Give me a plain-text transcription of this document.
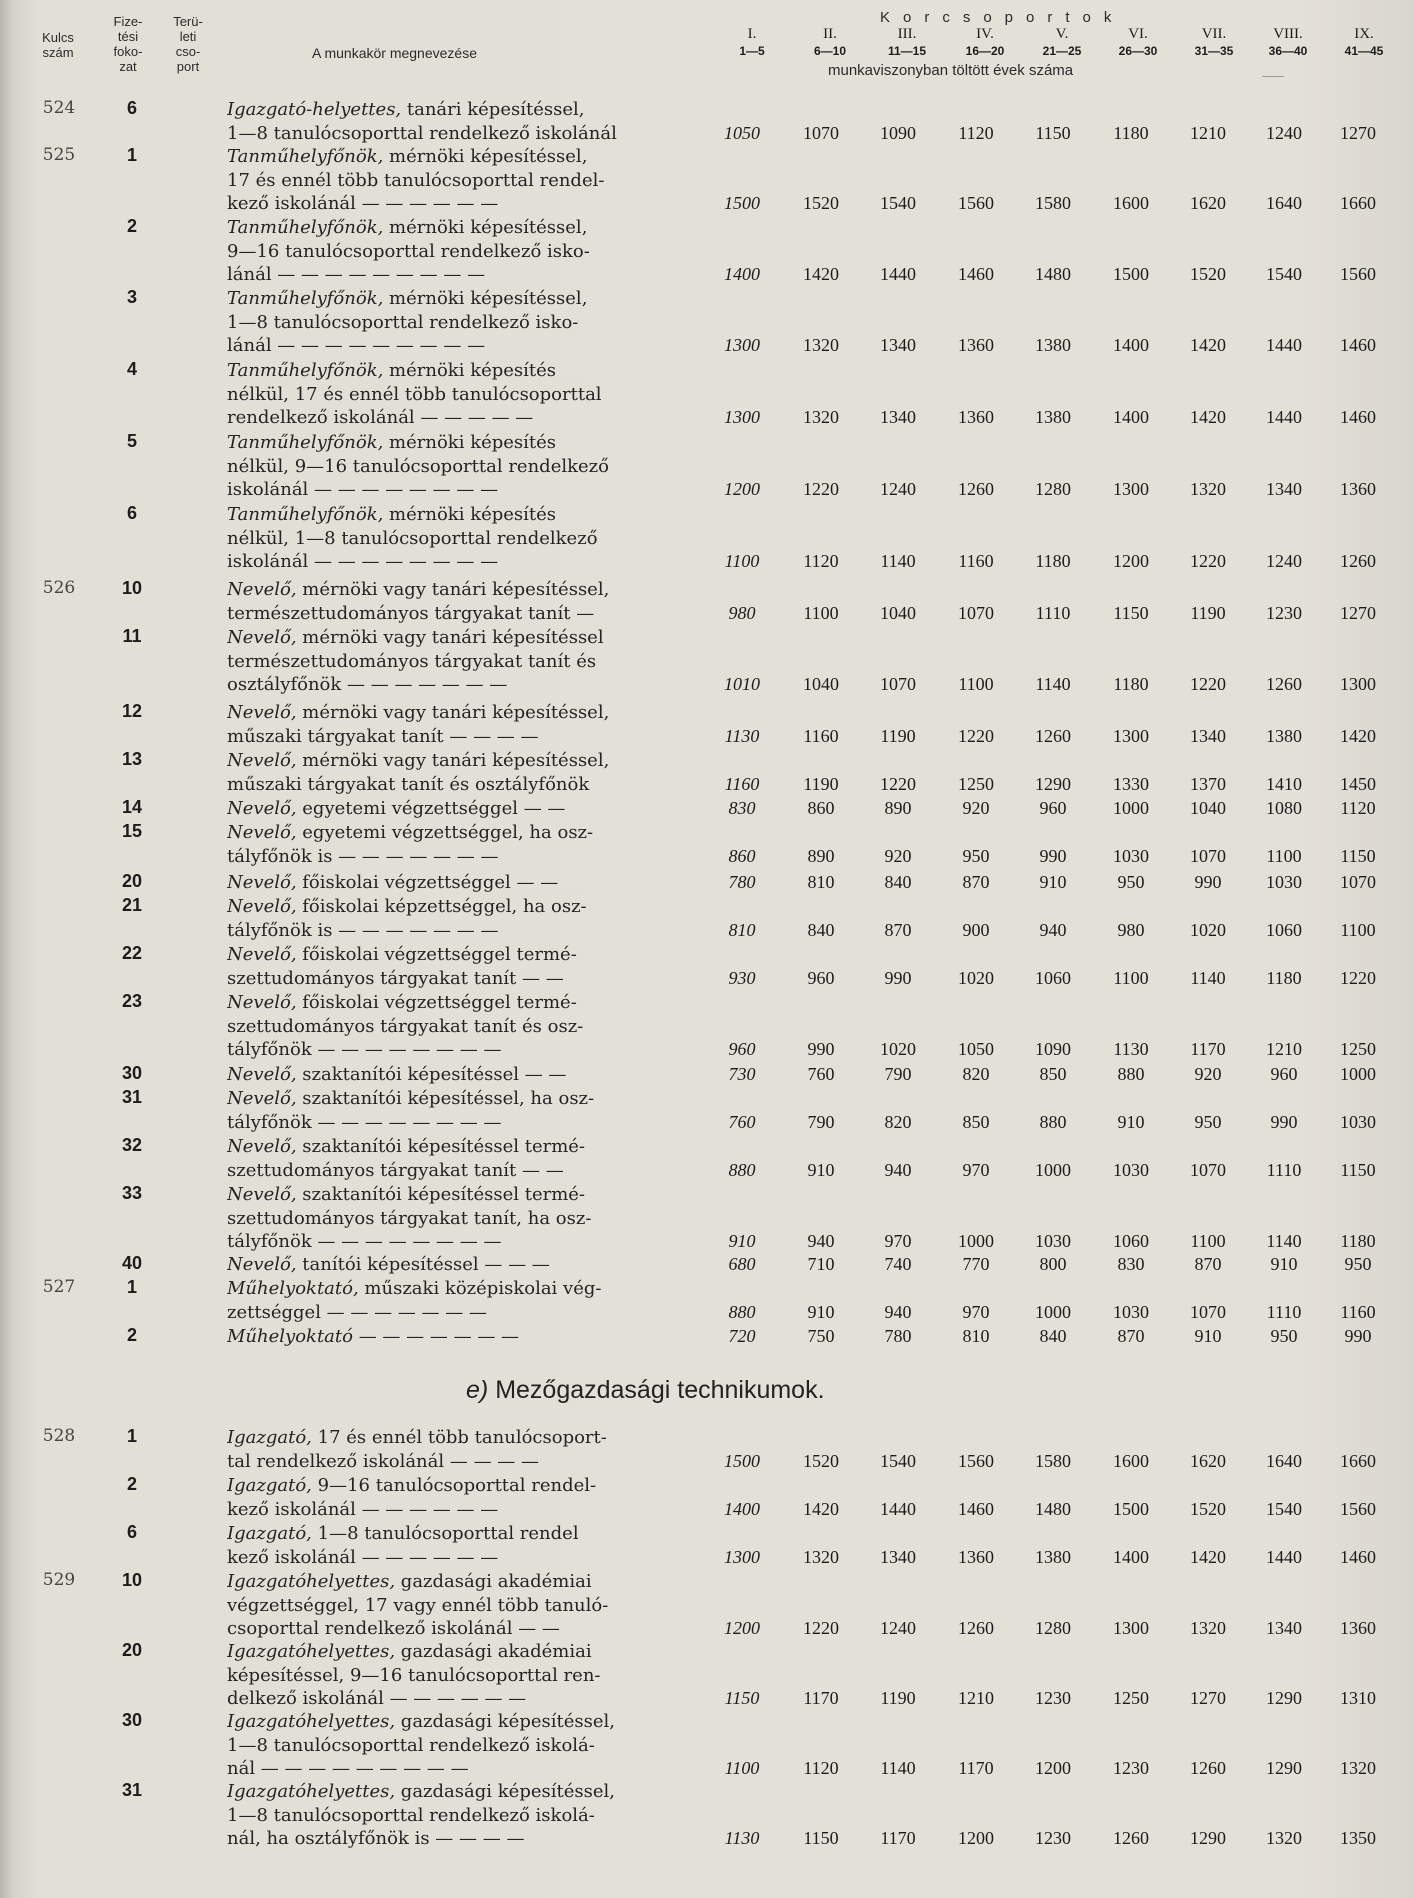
Kulcs
szám
Fize-
tési
foko-
zat
Terü-
leti
cso-
port
A munkakör megnevezése
Korcsoportok
munkaviszonyban töltött évek száma
I.
1—5
II.
6—10
III.
11—15
IV.
16—20
V.
21—25
VI.
26—30
VII.
31—35
VIII.
36—40
IX.
41—45
524	6	Igazgató-helyettes, tanári képesítéssel,
1—8 tanulócsoporttal rendelkező iskolánál	1050	1070	1090	1120	1150	1180	1210	1240	1270
525	1	Tanműhelyfőnök, mérnöki képesítéssel,
17 és ennél több tanulócsoporttal rendel-
kező iskolánál — — — — — —	1500	1520	1540	1560	1580	1600	1620	1640	1660
2	Tanműhelyfőnök, mérnöki képesítéssel,
9—16 tanulócsoporttal rendelkező isko-
lánál — — — — — — — — —	1400	1420	1440	1460	1480	1500	1520	1540	1560
3	Tanműhelyfőnök, mérnöki képesítéssel,
1—8 tanulócsoporttal rendelkező isko-
lánál — — — — — — — — —	1300	1320	1340	1360	1380	1400	1420	1440	1460
4	Tanműhelyfőnök, mérnöki képesítés
nélkül, 17 és ennél több tanulócsoporttal
rendelkező iskolánál — — — — —	1300	1320	1340	1360	1380	1400	1420	1440	1460
5	Tanműhelyfőnök, mérnöki képesítés
nélkül, 9—16 tanulócsoporttal rendelkező
iskolánál — — — — — — — —	1200	1220	1240	1260	1280	1300	1320	1340	1360
6	Tanműhelyfőnök, mérnöki képesítés
nélkül, 1—8 tanulócsoporttal rendelkező
iskolánál — — — — — — — —	1100	1120	1140	1160	1180	1200	1220	1240	1260
526	10	Nevelő, mérnöki vagy tanári képesítéssel,
természettudományos tárgyakat tanít —	980	1100	1040	1070	1110	1150	1190	1230	1270
11	Nevelő, mérnöki vagy tanári képesítéssel
természettudományos tárgyakat tanít és
osztályfőnök — — — — — — —	1010	1040	1070	1100	1140	1180	1220	1260	1300
12	Nevelő, mérnöki vagy tanári képesítéssel,
műszaki tárgyakat tanít — — — —	1130	1160	1190	1220	1260	1300	1340	1380	1420
13	Nevelő, mérnöki vagy tanári képesítéssel,
műszaki tárgyakat tanít és osztályfőnök	1160	1190	1220	1250	1290	1330	1370	1410	1450
14	Nevelő, egyetemi végzettséggel — —	830	860	890	920	960	1000	1040	1080	1120
15	Nevelő, egyetemi végzettséggel, ha osz-
tályfőnök is — — — — — — —	860	890	920	950	990	1030	1070	1100	1150
20	Nevelő, főiskolai végzettséggel — —	780	810	840	870	910	950	990	1030	1070
21	Nevelő, főiskolai képzettséggel, ha osz-
tályfőnök is — — — — — — —	810	840	870	900	940	980	1020	1060	1100
22	Nevelő, főiskolai végzettséggel termé-
szettudományos tárgyakat tanít — —	930	960	990	1020	1060	1100	1140	1180	1220
23	Nevelő, főiskolai végzettséggel termé-
szettudományos tárgyakat tanít és osz-
tályfőnök — — — — — — — —	960	990	1020	1050	1090	1130	1170	1210	1250
30	Nevelő, szaktanítói képesítéssel — —	730	760	790	820	850	880	920	960	1000
31	Nevelő, szaktanítói képesítéssel, ha osz-
tályfőnök — — — — — — — —	760	790	820	850	880	910	950	990	1030
32	Nevelő, szaktanítói képesítéssel termé-
szettudományos tárgyakat tanít — —	880	910	940	970	1000	1030	1070	1110	1150
33	Nevelő, szaktanítói képesítéssel termé-
szettudományos tárgyakat tanít, ha osz-
tályfőnök — — — — — — — —	910	940	970	1000	1030	1060	1100	1140	1180
40	Nevelő, tanítói képesítéssel — — —	680	710	740	770	800	830	870	910	950
527	1	Műhelyoktató, műszaki középiskolai vég-
zettséggel — — — — — — —	880	910	940	970	1000	1030	1070	1110	1160
2	Műhelyoktató — — — — — — —	720	750	780	810	840	870	910	950	990
e) Mezőgazdasági technikumok.
528	1	Igazgató, 17 és ennél több tanulócsoport-
tal rendelkező iskolánál — — — —	1500	1520	1540	1560	1580	1600	1620	1640	1660
2	Igazgató, 9—16 tanulócsoporttal rendel-
kező iskolánál — — — — — —	1400	1420	1440	1460	1480	1500	1520	1540	1560
6	Igazgató, 1—8 tanulócsoporttal rendel
kező iskolánál — — — — — —	1300	1320	1340	1360	1380	1400	1420	1440	1460
529	10	Igazgatóhelyettes, gazdasági akadémiai
végzettséggel, 17 vagy ennél több tanuló-
csoporttal rendelkező iskolánál — —	1200	1220	1240	1260	1280	1300	1320	1340	1360
20	Igazgatóhelyettes, gazdasági akadémiai
képesítéssel, 9—16 tanulócsoporttal ren-
delkező iskolánál — — — — — —	1150	1170	1190	1210	1230	1250	1270	1290	1310
30	Igazgatóhelyettes, gazdasági képesítéssel,
1—8 tanulócsoporttal rendelkező iskolá-
nál — — — — — — — — —	1100	1120	1140	1170	1200	1230	1260	1290	1320
31	Igazgatóhelyettes, gazdasági képesítéssel,
1—8 tanulócsoporttal rendelkező iskolá-
nál, ha osztályfőnök is — — — —	1130	1150	1170	1200	1230	1260	1290	1320	1350
